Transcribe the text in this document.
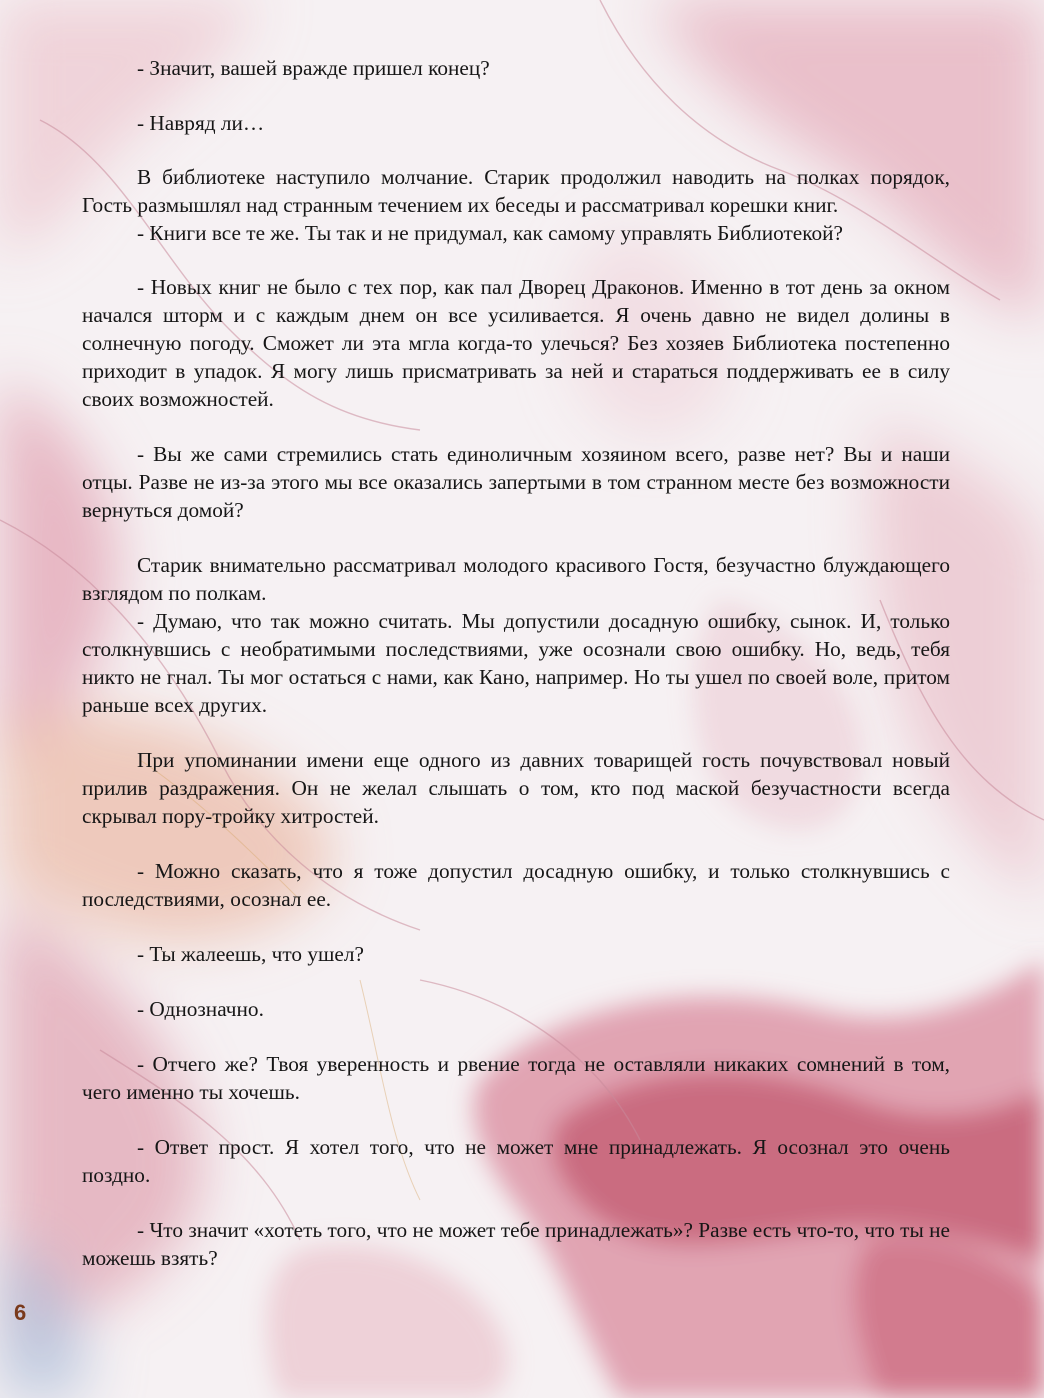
- Значит, вашей вражде пришел конец?

- Навряд ли…

В библиотеке наступило молчание. Старик продолжил наводить на полках порядок, Гость размышлял над странным течением их беседы и рассматривал корешки книг.

- Книги все те же. Ты так и не придумал, как самому управлять Библиотекой?

- Новых книг не было с тех пор, как пал Дворец Драконов. Именно в тот день за окном начался шторм и с каждым днем он все усиливается. Я очень давно не видел долины в солнечную погоду. Сможет ли эта мгла когда-то улечься? Без хозяев Библиотека постепенно приходит в упадок. Я могу лишь присматривать за ней и стараться поддерживать ее в силу своих возможностей.

- Вы же сами стремились стать единоличным хозяином всего, разве нет? Вы и наши отцы. Разве не из-за этого мы все оказались запертыми в том странном месте без возможности вернуться домой?

Старик внимательно рассматривал молодого красивого Гостя, безучастно блуждающего взглядом по полкам.

- Думаю, что так можно считать. Мы допустили досадную ошибку, сынок. И, только столкнувшись с необратимыми последствиями, уже осознали свою ошибку. Но, ведь, тебя никто не гнал. Ты мог остаться с нами, как Кано, например. Но ты ушел по своей воле, притом раньше всех других.

При упоминании имени еще одного из давних товарищей гость почувствовал новый прилив раздражения. Он не желал слышать о том, кто под маской безучастности всегда скрывал пору-тройку хитростей.

- Можно сказать, что я тоже допустил досадную ошибку, и только столкнувшись с последствиями, осознал ее.

- Ты жалеешь, что ушел?

- Однозначно.

- Отчего же? Твоя уверенность и рвение тогда не оставляли никаких сомнений в том, чего именно ты хочешь.

- Ответ прост. Я хотел того, что не может мне принадлежать. Я осознал это очень поздно.

- Что значит «хотеть того, что не может тебе принадлежать»? Разве есть что-то, что ты не можешь взять?

6
